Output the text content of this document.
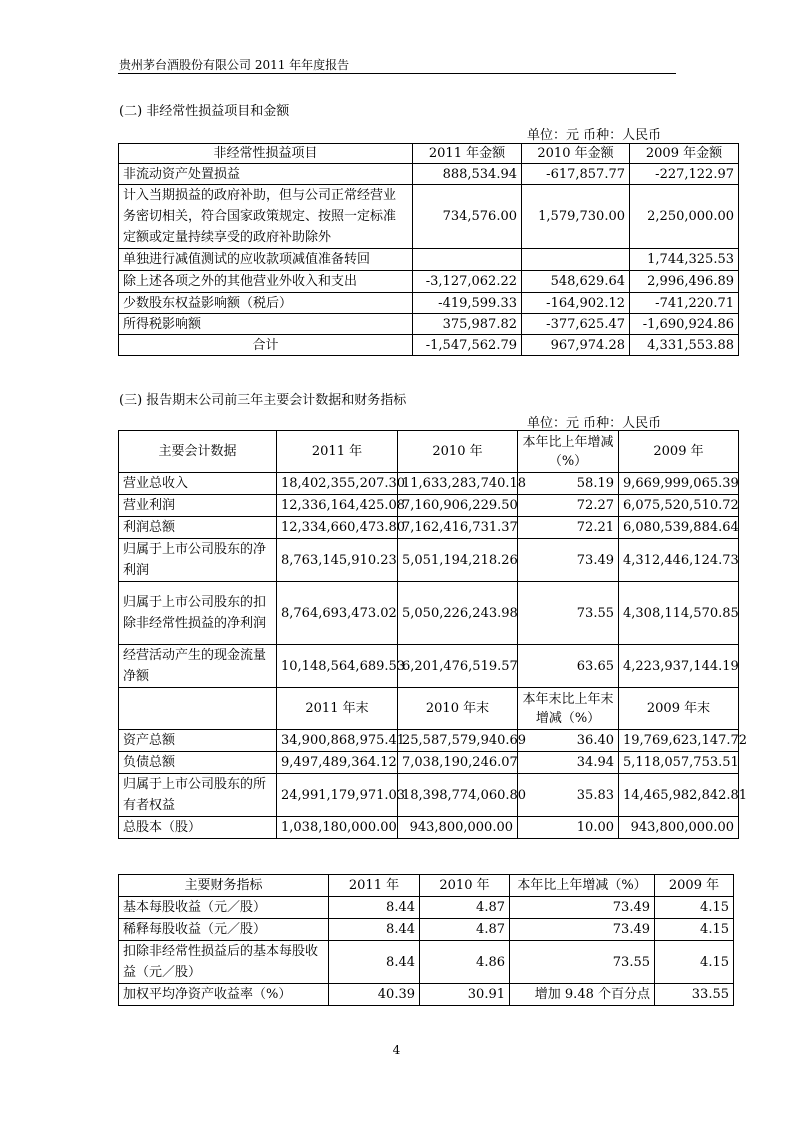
贵州茅台酒股份有限公司 2011 年年度报告
(二) 非经常性损益项目和金额
单位：元 币种：人民币
非经常性损益项目	2011 年金额	2010 年金额	2009 年金额
非流动资产处置损益	888,534.94	-617,857.77	-227,122.97
计入当期损益的政府补助，但与公司正常经营业务密切相关，符合国家政策规定、按照一定标准定额或定量持续享受的政府补助除外	734,576.00	1,579,730.00	2,250,000.00
单独进行减值测试的应收款项减值准备转回			1,744,325.53
除上述各项之外的其他营业外收入和支出	-3,127,062.22	548,629.64	2,996,496.89
少数股东权益影响额（税后）	-419,599.33	-164,902.12	-741,220.71
所得税影响额	375,987.82	-377,625.47	-1,690,924.86
合计	-1,547,562.79	967,974.28	4,331,553.88
(三) 报告期末公司前三年主要会计数据和财务指标
单位：元 币种：人民币
主要会计数据	2011 年	2010 年	本年比上年增减（%）	2009 年
营业总收入	18,402,355,207.30	11,633,283,740.18	58.19	9,669,999,065.39
营业利润	12,336,164,425.08	7,160,906,229.50	72.27	6,075,520,510.72
利润总额	12,334,660,473.80	7,162,416,731.37	72.21	6,080,539,884.64
归属于上市公司股东的净利润	8,763,145,910.23	5,051,194,218.26	73.49	4,312,446,124.73
归属于上市公司股东的扣除非经常性损益的净利润	8,764,693,473.02	5,050,226,243.98	73.55	4,308,114,570.85
经营活动产生的现金流量净额	10,148,564,689.53	6,201,476,519.57	63.65	4,223,937,144.19
	2011 年末	2010 年末	本年末比上年末增减（%）	2009 年末
资产总额	34,900,868,975.41	25,587,579,940.69	36.40	19,769,623,147.72
负债总额	9,497,489,364.12	7,038,190,246.07	34.94	5,118,057,753.51
归属于上市公司股东的所有者权益	24,991,179,971.03	18,398,774,060.80	35.83	14,465,982,842.81
总股本（股）	1,038,180,000.00	943,800,000.00	10.00	943,800,000.00
主要财务指标	2011 年	2010 年	本年比上年增减（%）	2009 年
基本每股收益（元／股）	8.44	4.87	73.49	4.15
稀释每股收益（元／股）	8.44	4.87	73.49	4.15
扣除非经常性损益后的基本每股收益（元／股）	8.44	4.86	73.55	4.15
加权平均净资产收益率（%）	40.39	30.91	增加 9.48 个百分点	33.55
4
